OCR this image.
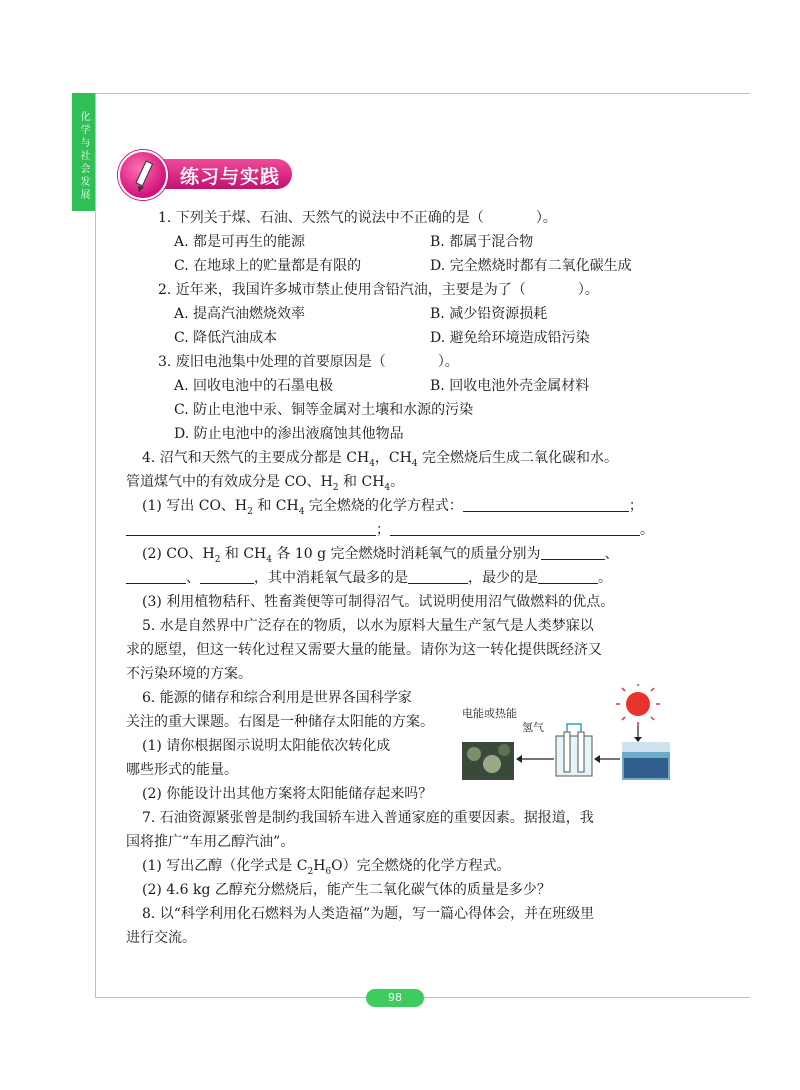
化学与社会发展	练习与实践
1. 下列关于煤、石油、天然气的说法中不正确的是（	）。
A. 都是可再生的能源	B. 都属于混合物
C. 在地球上的贮量都是有限的	D. 完全燃烧时都有二氧化碳生成
2. 近年来，我国许多城市禁止使用含铅汽油，主要是为了（	）。
A. 提高汽油燃烧效率	B. 减少铅资源损耗
C. 降低汽油成本	D. 避免给环境造成铅污染
3. 废旧电池集中处理的首要原因是（	）。
A. 回收电池中的石墨电极	B. 回收电池外壳金属材料
C. 防止电池中汞、铜等金属对土壤和水源的污染
D. 防止电池中的渗出液腐蚀其他物品
4. 沼气和天然气的主要成分都是 $CH_4$，$CH_4$ 完全燃烧后生成二氧化碳和水。
管道煤气中的有效成分是 CO、$H_2$ 和 $CH_4$。
(1) 写出 CO、$H_2$ 和 $CH_4$ 完全燃烧的化学方程式：	；
；	。
(2) CO、$H_2$ 和 $CH_4$ 各 10 g 完全燃烧时消耗氧气的质量分别为	、
、	，其中消耗氧气最多的是	，最少的是	。
(3) 利用植物秸秆、牲畜粪便等可制得沼气。试说明使用沼气做燃料的优点。
5. 水是自然界中广泛存在的物质，以水为原料大量生产氢气是人类梦寐以
求的愿望，但这一转化过程又需要大量的能量。请你为这一转化提供既经济又
不污染环境的方案。
6. 能源的储存和综合利用是世界各国科学家
关注的重大课题。右图是一种储存太阳能的方案。
(1) 请你根据图示说明太阳能依次转化成
哪些形式的能量。
(2) 你能设计出其他方案将太阳能储存起来吗？
7. 石油资源紧张曾是制约我国轿车进入普通家庭的重要因素。据报道，我
国将推广“车用乙醇汽油”。
(1) 写出乙醇（化学式是 $C_2H_6O$）完全燃烧的化学方程式。
(2) 4.6 kg 乙醇充分燃烧后，能产生二氧化碳气体的质量是多少？
8. 以“科学利用化石燃料为人类造福”为题，写一篇心得体会，并在班级里
进行交流。
电能或热能
氢气
98
